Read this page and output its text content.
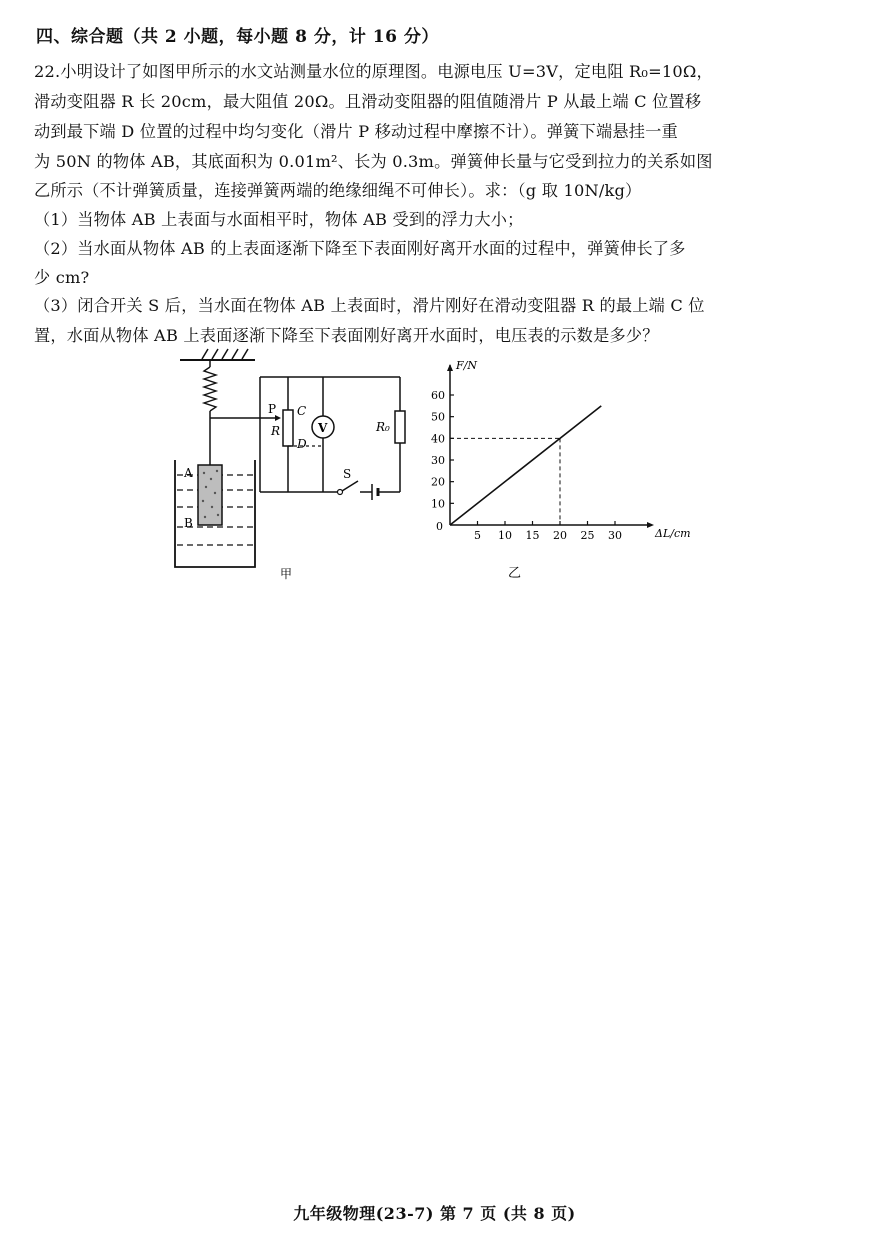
四、综合题（共 2 小题，每小题 8 分，计 16 分）
22.小明设计了如图甲所示的水文站测量水位的原理图。电源电压 U=3V，定电阻 R₀=10Ω，
滑动变阻器 R 长 20cm，最大阻值 20Ω。且滑动变阻器的阻值随滑片 P 从最上端 C 位置移
动到最下端 D 位置的过程中均匀变化（滑片 P 移动过程中摩擦不计）。弹簧下端悬挂一重
为 50N 的物体 AB，其底面积为 0.01m²、长为 0.3m。弹簧伸长量与它受到拉力的关系如图
乙所示（不计弹簧质量，连接弹簧两端的绝缘细绳不可伸长）。求：（g 取 10N/kg）
（1）当物体 AB 上表面与水面相平时，物体 AB 受到的浮力大小；
（2）当水面从物体 AB 的上表面逐渐下降至下表面刚好离开水面的过程中，弹簧伸长了多
少 cm?
（3）闭合开关 S 后，当水面在物体 AB 上表面时，滑片刚好在滑动变阻器 R 的最上端 C 位
置，水面从物体 AB 上表面逐渐下降至下表面刚好离开水面时，电压表的示数是多少？
P C
R
D
V	R₀
S
A
B
甲
5 10 15 20 25 30
10
20
30
40
50
60
0
ΔL/cm
F/N
乙
九年级物理(23-7) 第 7 页 (共 8 页)
